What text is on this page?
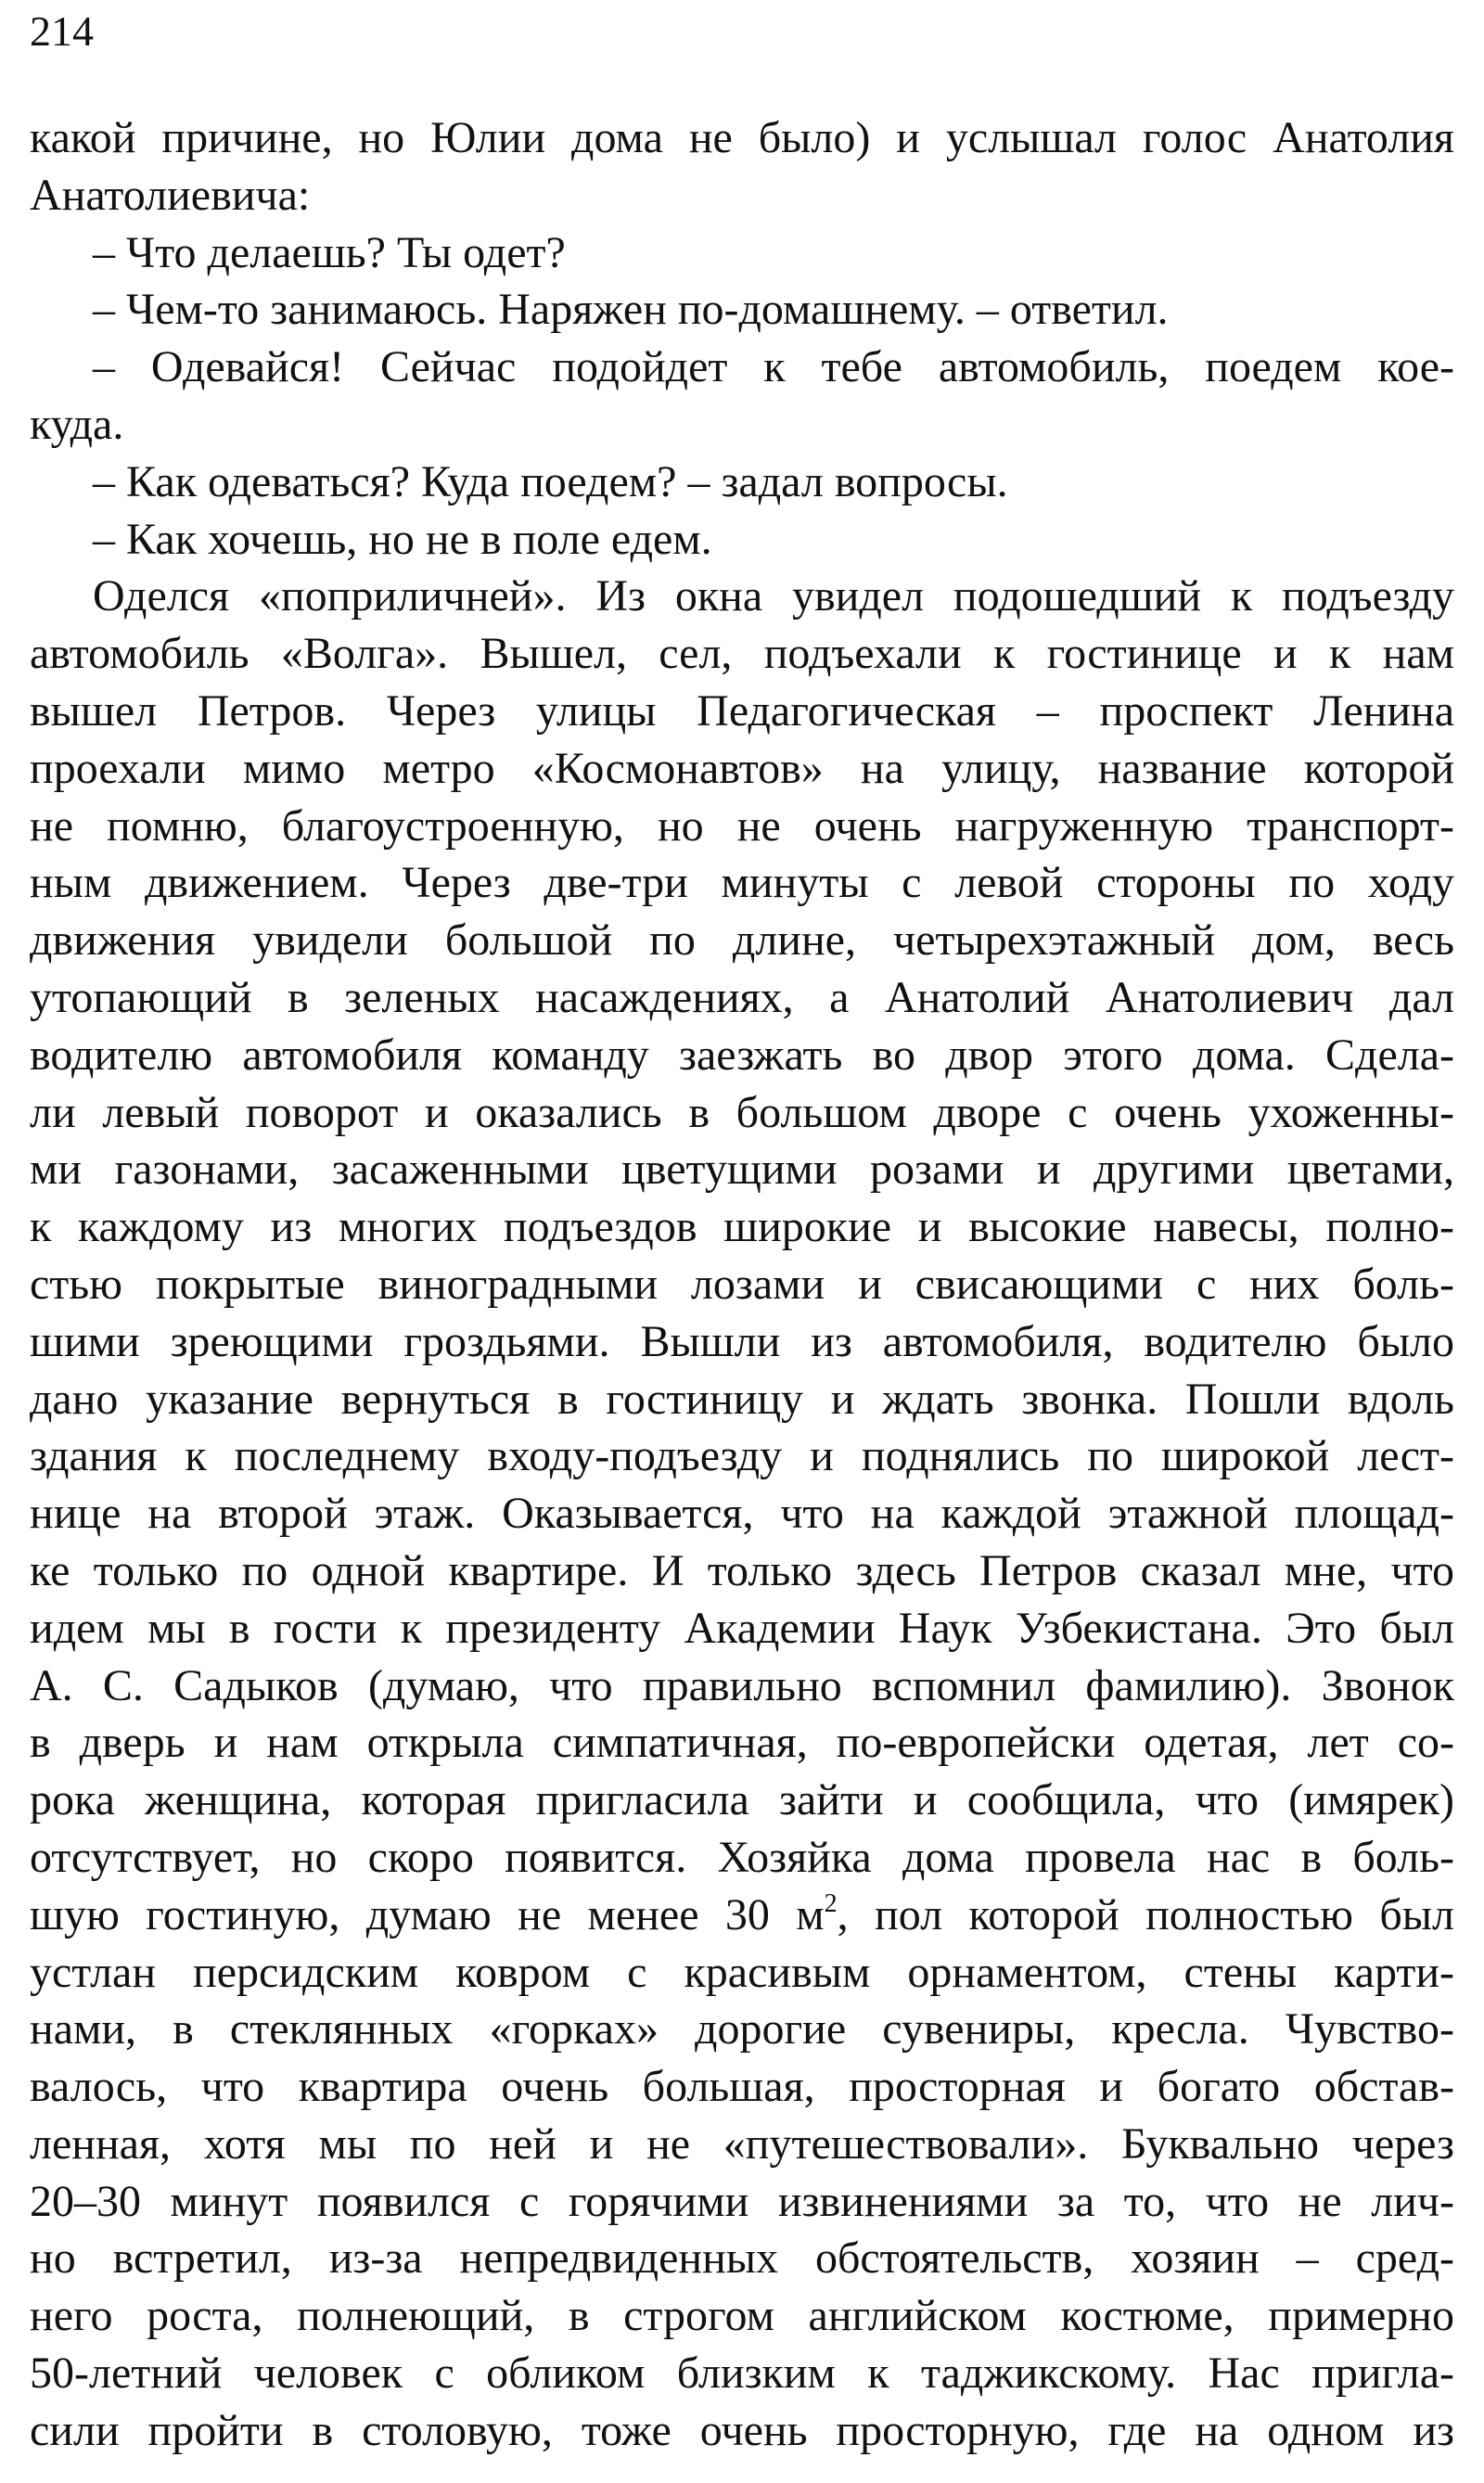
214

какой причине, но Юлии дома не было) и услышал голос Анатолия
Анатолиевича:
– Что делаешь? Ты одет?
– Чем-то занимаюсь. Наряжен по-домашнему. – ответил.
– Одевайся! Сейчас подойдет к тебе автомобиль, поедем кое-
куда.
– Как одеваться? Куда поедем? – задал вопросы.
– Как хочешь, но не в поле едем.
Оделся «поприличней». Из окна увидел подошедший к подъезду
автомобиль «Волга». Вышел, сел, подъехали к гостинице и к нам
вышел Петров. Через улицы Педагогическая – проспект Ленина
проехали мимо метро «Космонавтов» на улицу, название которой
не помню, благоустроенную, но не очень нагруженную транспорт-
ным движением. Через две-три минуты с левой стороны по ходу
движения увидели большой по длине, четырехэтажный дом, весь
утопающий в зеленых насаждениях, а Анатолий Анатолиевич дал
водителю автомобиля команду заезжать во двор этого дома. Сдела-
ли левый поворот и оказались в большом дворе с очень ухоженны-
ми газонами, засаженными цветущими розами и другими цветами,
к каждому из многих подъездов широкие и высокие навесы, полно-
стью покрытые виноградными лозами и свисающими с них боль-
шими зреющими гроздьями. Вышли из автомобиля, водителю было
дано указание вернуться в гостиницу и ждать звонка. Пошли вдоль
здания к последнему входу-подъезду и поднялись по широкой лест-
нице на второй этаж. Оказывается, что на каждой этажной площад-
ке только по одной квартире. И только здесь Петров сказал мне, что
идем мы в гости к президенту Академии Наук Узбекистана. Это был
А. С. Садыков (думаю, что правильно вспомнил фамилию). Звонок
в дверь и нам открыла симпатичная, по-европейски одетая, лет со-
рока женщина, которая пригласила зайти и сообщила, что (имярек)
отсутствует, но скоро появится. Хозяйка дома провела нас в боль-
шую гостиную, думаю не менее 30 $м^2$, пол которой полностью был
устлан персидским ковром с красивым орнаментом, стены карти-
нами, в стеклянных «горках» дорогие сувениры, кресла. Чувство-
валось, что квартира очень большая, просторная и богато обстав-
ленная, хотя мы по ней и не «путешествовали». Буквально через
20–30 минут появился с горячими извинениями за то, что не лич-
но встретил, из-за непредвиденных обстоятельств, хозяин – сред-
него роста, полнеющий, в строгом английском костюме, примерно
50-летний человек с обликом близким к таджикскому. Нас пригла-
сили пройти в столовую, тоже очень просторную, где на одном из
